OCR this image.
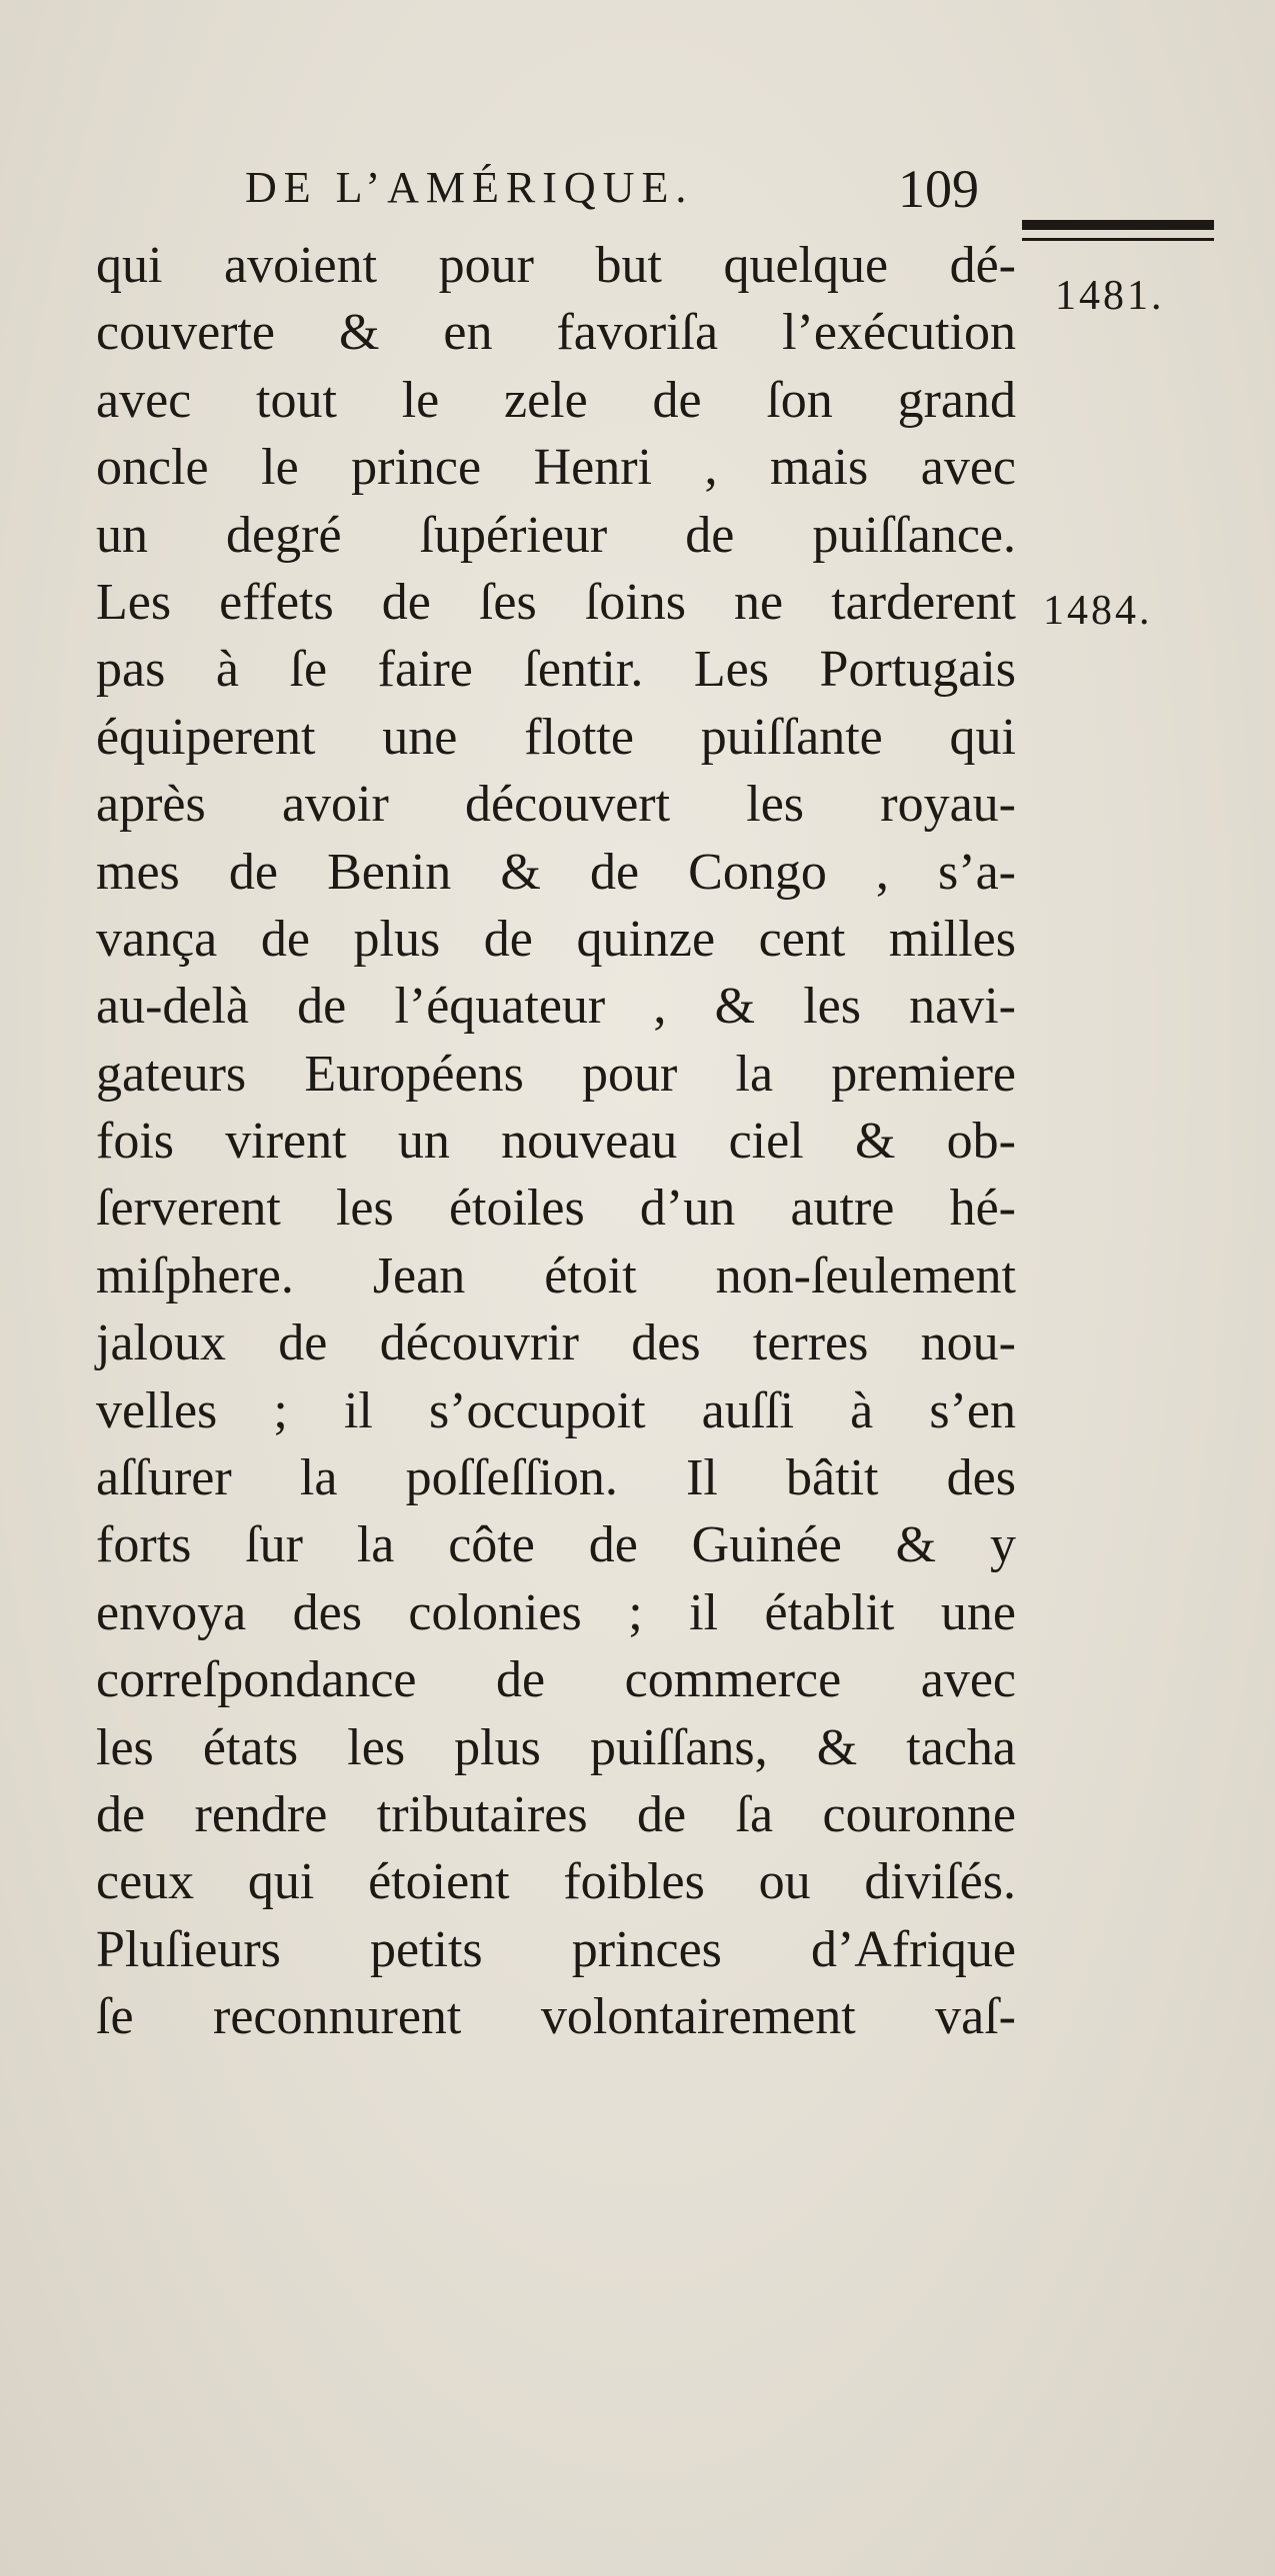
DE L’AMÉRIQUE.	109
1481.
1484.
qui avoient pour but quelque dé-
couverte & en favoriſa l’exécution
avec tout le zele de ſon grand
oncle le prince Henri , mais avec
un degré ſupérieur de puiſſance.
Les effets de ſes ſoins ne tarderent
pas à ſe faire ſentir. Les Portugais
équiperent une flotte puiſſante qui
après avoir découvert les royau-
mes de Benin & de Congo , s’a-
vança de plus de quinze cent milles
au-delà de l’équateur , & les navi-
gateurs Européens pour la premiere
fois virent un nouveau ciel & ob-
ſerverent les étoiles d’un autre hé-
miſphere. Jean étoit non-ſeulement
jaloux de découvrir des terres nou-
velles ; il s’occupoit auſſi à s’en
aſſurer la poſſeſſion. Il bâtit des
forts ſur la côte de Guinée & y
envoya des colonies ; il établit une
correſpondance de commerce avec
les états les plus puiſſans, & tacha
de rendre tributaires de ſa couronne
ceux qui étoient foibles ou diviſés.
Pluſieurs petits princes d’Afrique
ſe reconnurent volontairement vaſ-
